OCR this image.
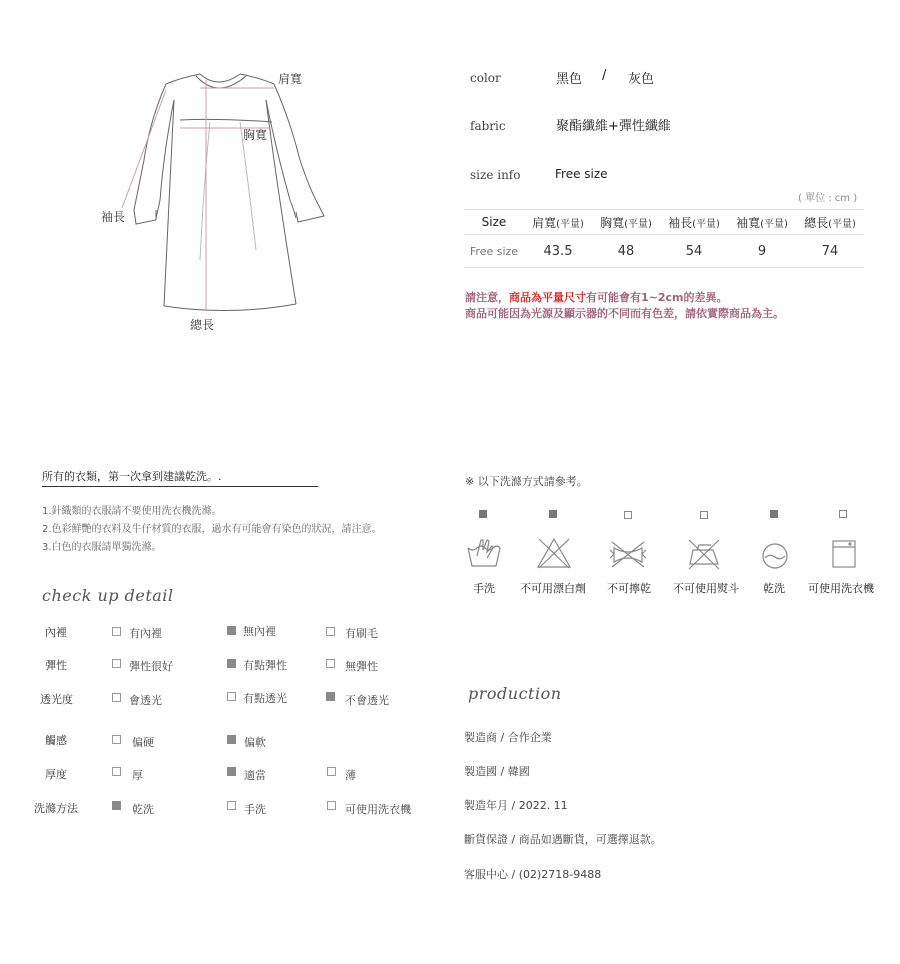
肩寬
胸寬
袖長
總長
color	黑色 / 灰色
fabric	聚酯纖維+彈性纖維
size info	Free size
( 單位 : cm )
Size	肩寬(平量)	胸寬(平量)	袖長(平量)	袖寬(平量)	總長(平量)
Free size	43.5	48	54	9	74
請注意，商品為平量尺寸有可能會有1~2cm的差異。
商品可能因為光源及顯示器的不同而有色差，請依實際商品為主。
所有的衣類，第一次拿到建議乾洗。.
1.針織類的衣服請不要使用洗衣機洗滌。
2.色彩鮮艷的衣料及牛仔材質的衣服，過水有可能會有染色的狀況，請注意。
3.白色的衣服請單獨洗滌。
check up detail
內裡	有內裡	無內裡	有刷毛
彈性	彈性很好	有點彈性	無彈性
透光度	會透光	有點透光	不會透光
觸感	偏硬	偏軟
厚度	厚	適當	薄
洗滌方法	乾洗	手洗	可使用洗衣機
※ 以下洗滌方式請參考。
手洗	不可用漂白劑	不可擰乾	不可使用熨斗	乾洗	可使用洗衣機
production
製造商 / 合作企業
製造國 / 韓國
製造年月 / 2022. 11
斷貨保證 / 商品如遇斷貨，可選擇退款。
客服中心 / (02)2718-9488
